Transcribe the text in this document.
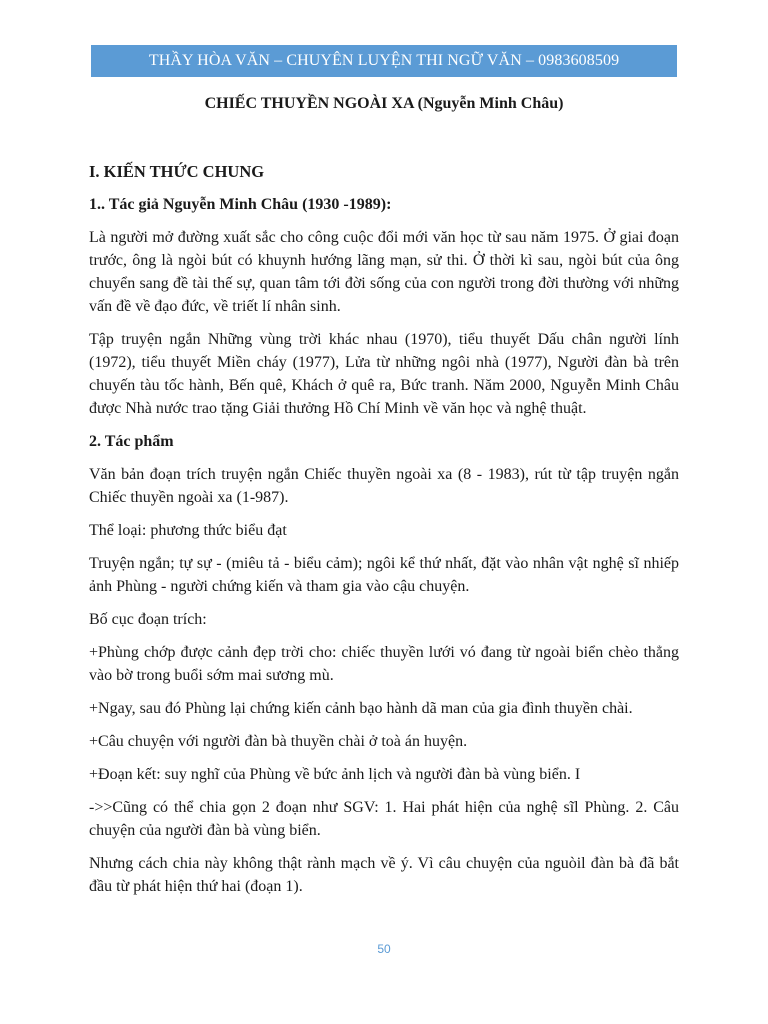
THẦY HÒA VĂN – CHUYÊN LUYỆN THI NGỮ VĂN – 0983608509
CHIẾC THUYỀN NGOÀI XA (Nguyễn Minh Châu)

I. KIẾN THỨC CHUNG

1.. Tác giả Nguyễn Minh Châu (1930 -1989):

Là người mở đường xuất sắc cho công cuộc đổi mới văn học từ sau năm 1975. Ở giai đoạn trước, ông là ngòi bút có khuynh hướng lãng mạn, sử thi. Ở thời kì sau, ngòi bút của ông chuyển sang đề tài thế sự, quan tâm tới đời sống của con người trong đời thường với những vấn đề về đạo đức, về triết lí nhân sinh.

Tập truyện ngắn Những vùng trời khác nhau (1970), tiểu thuyết Dấu chân người lính (1972), tiểu thuyết Miền cháy (1977), Lửa từ những ngôi nhà (1977), Người đàn bà trên chuyến tàu tốc hành, Bến quê, Khách ở quê ra, Bức tranh. Năm 2000, Nguyễn Minh Châu được Nhà nước trao tặng Giải thưởng Hồ Chí Minh về văn học và nghệ thuật.

2. Tác phẩm

Văn bản đoạn trích truyện ngắn Chiếc thuyền ngoài xa (8 - 1983), rút từ tập truyện ngắn Chiếc thuyền ngoài xa (1-987).

Thể loại: phương thức biểu đạt

Truyện ngắn; tự sự - (miêu tả - biểu cảm); ngôi kể thứ nhất, đặt vào nhân vật nghệ sĩ nhiếp ảnh Phùng - người chứng kiến và tham gia vào cậu chuyện.

Bố cục đoạn trích:

+Phùng chớp được cảnh đẹp trời cho: chiếc thuyền lưới vó đang từ ngoài biển chèo thẳng vào bờ trong buổi sớm mai sương mù.

+Ngay, sau đó Phùng lại chứng kiến cảnh bạo hành dã man của gia đình thuyền chài.

+Câu chuyện với người đàn bà thuyền chài ở toà án huyện.

+Đoạn kết: suy nghĩ của Phùng về bức ảnh lịch và người đàn bà vùng biển. I

->>Cũng có thể chia gọn 2 đoạn như SGV: 1. Hai phát hiện của nghệ sĩl Phùng. 2. Câu chuyện của người đàn bà vùng biển.

Nhưng cách chia này không thật rành mạch về ý. Vì câu chuyện của nguòil đàn bà đã bắt đầu từ phát hiện thứ hai (đoạn 1).

50
